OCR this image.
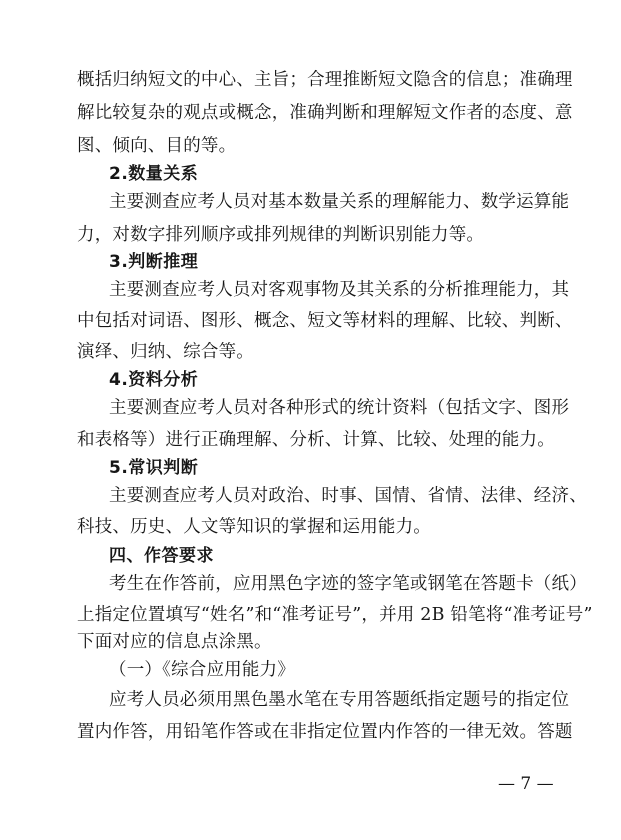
概括归纳短文的中心、主旨；合理推断短文隐含的信息；准确理
解比较复杂的观点或概念，准确判断和理解短文作者的态度、意
图、倾向、目的等。
2.数量关系
主要测查应考人员对基本数量关系的理解能力、数学运算能
力，对数字排列顺序或排列规律的判断识别能力等。
3.判断推理
主要测查应考人员对客观事物及其关系的分析推理能力，其
中包括对词语、图形、概念、短文等材料的理解、比较、判断、
演绎、归纳、综合等。
4.资料分析
主要测查应考人员对各种形式的统计资料（包括文字、图形
和表格等）进行正确理解、分析、计算、比较、处理的能力。
5.常识判断
主要测查应考人员对政治、时事、国情、省情、法律、经济、
科技、历史、人文等知识的掌握和运用能力。
四、作答要求
考生在作答前，应用黑色字迹的签字笔或钢笔在答题卡（纸）
上指定位置填写“姓名”和“准考证号”，并用 2B 铅笔将“准考证号”
下面对应的信息点涂黑。
（一）《综合应用能力》
应考人员必须用黑色墨水笔在专用答题纸指定题号的指定位
置内作答，用铅笔作答或在非指定位置内作答的一律无效。答题
— 7 —
